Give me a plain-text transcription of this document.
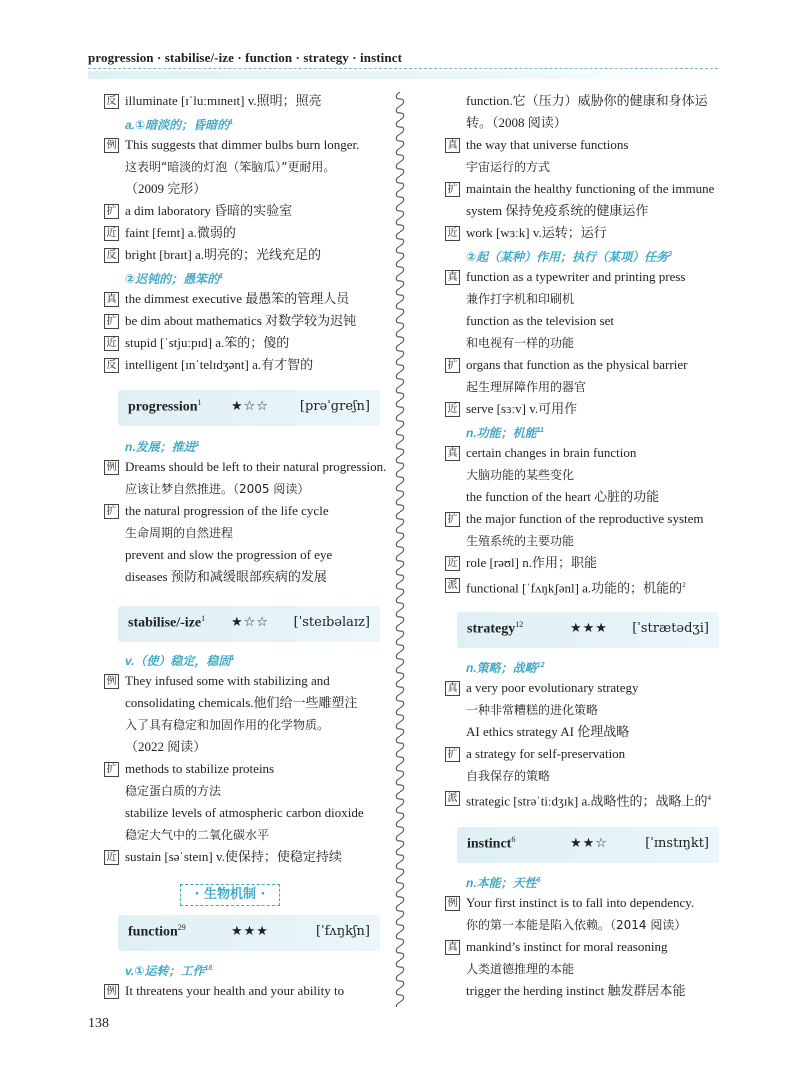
progression · stabilise/-ize · function · strategy · instinct
反 illuminate [ɪˈluːmɪneɪt] v.照明；照亮
a.①暗淡的；昏暗的$^1$
例 This suggests that dimmer bulbs burn longer.
这表明“暗淡的灯泡（笨脑瓜）”更耐用。
（2009 完形）
扩 a dim laboratory 昏暗的实验室
近 faint [feɪnt] a.微弱的
反 bright [braɪt] a.明亮的；光线充足的
②迟钝的；愚笨的$^1$
真 the dimmest executive 最愚笨的管理人员
扩 be dim about mathematics 对数学较为迟钝
近 stupid [ˈstjuːpɪd] a.笨的；傻的
反 intelligent [ɪnˈtelɪdʒənt] a.有才智的
progression$^1$ ★☆☆ [prəˈgreʃn]
n.发展；推进$^1$
例 Dreams should be left to their natural progression.
应该让梦自然推进。（2005 阅读）
扩 the natural progression of the life cycle
生命周期的自然进程
prevent and slow the progression of eye
diseases 预防和减缓眼部疾病的发展
stabilise/-ize$^1$ ★☆☆ [ˈsteɪbəlaɪz]
v.（使）稳定，稳固$^1$
例 They infused some with stabilizing and
consolidating chemicals.他们给一些雕塑注
入了具有稳定和加固作用的化学物质。
（2022 阅读）
扩 methods to stabilize proteins
稳定蛋白质的方法
stabilize levels of atmospheric carbon dioxide
稳定大气中的二氧化碳水平
近 sustain [səˈsteɪn] v.使保持；使稳定持续
· 生物机制 ·
function$^{29}$	★★★	[ˈfʌŋkʃn]
v.①运转；工作$^{18}$
例 It threatens your health and your ability to
function.它（压力）威胁你的健康和身体运
转。（2008 阅读）
真 the way that universe functions
宇宙运行的方式
扩 maintain the healthy functioning of the immune
system 保持免疫系统的健康运作
近 work [wɜːk] v.运转；运行
②起（某种）作用；执行（某项）任务$^3$
真 function as a typewriter and printing press
兼作打字机和印刷机
function as the television set
和电视有一样的功能
扩 organs that function as the physical barrier
起生理屏障作用的器官
近 serve [sɜːv] v.可用作
n.功能；机能$^{11}$
真 certain changes in brain function
大脑功能的某些变化
the function of the heart 心脏的功能
扩 the major function of the reproductive system
生殖系统的主要功能
近 role [rəʊl] n.作用；职能
派 functional [ˈfʌŋkʃənl] a.功能的；机能的$^2$
strategy$^{12}$	★★★ [ˈstrætədʒi]
n.策略；战略$^{12}$
真 a very poor evolutionary strategy
一种非常糟糕的进化策略
AI ethics strategy AI 伦理战略
扩 a strategy for self-preservation
自我保存的策略
派 strategic [strəˈtiːdʒɪk] a.战略性的；战略上的$^4$
instinct$^6$	★★☆	[ˈɪnstɪŋkt]
n.本能；天性$^6$
例 Your first instinct is to fall into dependency.
你的第一本能是陷入依赖。（2014 阅读）
真 mankind’s instinct for moral reasoning
人类道德推理的本能
trigger the herding instinct 触发群居本能
138
